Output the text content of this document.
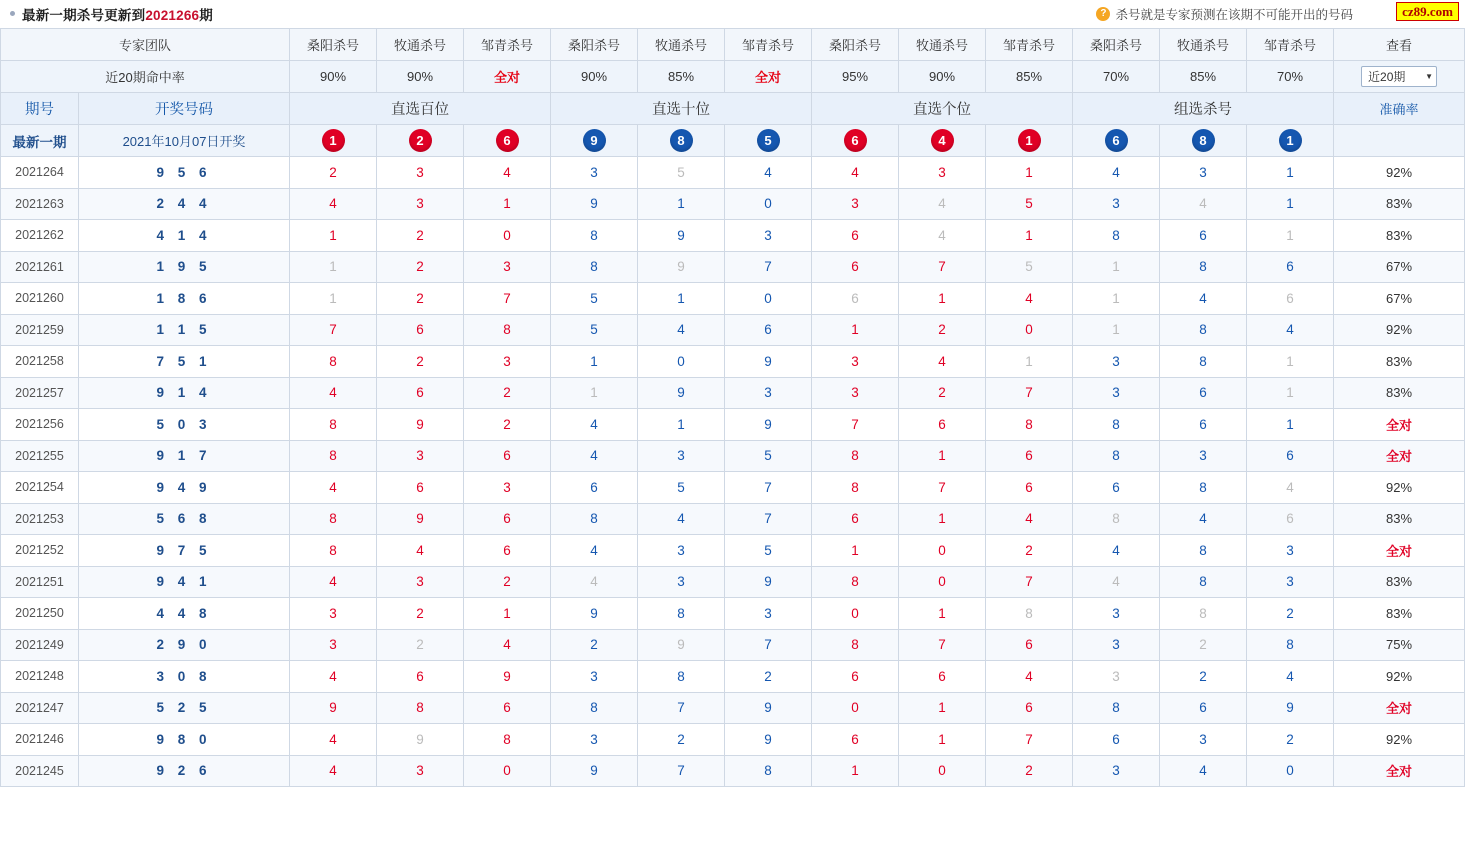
最新一期杀号更新到2021266期	? 杀号就是专家预测在该期不可能开出的号码	cz89.com
专家团队		桑阳杀号	牧通杀号	邹青杀号	桑阳杀号	牧通杀号	邹青杀号	桑阳杀号	牧通杀号	邹青杀号	桑阳杀号	牧通杀号	邹青杀号	查看
近20期命中率		90%	90%	全对	90%	85%	全对	95%	90%	85%	70%	85%	70%	近20期 ▼

期号	开奖号码	直选百位			直选十位			直选个位			组选杀号			准确率
最新一期	2021年10月07日开奖	1	2	6	9	8	5	6	4	1	6	8	1	
2021264	9 5 6	2	3	4	3	5	4	4	3	1	4	3	1	92%
2021263	2 4 4	4	3	1	9	1	0	3	4	5	3	4	1	83%
2021262	4 1 4	1	2	0	8	9	3	6	4	1	8	6	1	83%
2021261	1 9 5	1	2	3	8	9	7	6	7	5	1	8	6	67%
2021260	1 8 6	1	2	7	5	1	0	6	1	4	1	4	6	67%
2021259	1 1 5	7	6	8	5	4	6	1	2	0	1	8	4	92%
2021258	7 5 1	8	2	3	1	0	9	3	4	1	3	8	1	83%
2021257	9 1 4	4	6	2	1	9	3	3	2	7	3	6	1	83%
2021256	5 0 3	8	9	2	4	1	9	7	6	8	8	6	1	全对
2021255	9 1 7	8	3	6	4	3	5	8	1	6	8	3	6	全对
2021254	9 4 9	4	6	3	6	5	7	8	7	6	6	8	4	92%
2021253	5 6 8	8	9	6	8	4	7	6	1	4	8	4	6	83%
2021252	9 7 5	8	4	6	4	3	5	1	0	2	4	8	3	全对
2021251	9 4 1	4	3	2	4	3	9	8	0	7	4	8	3	83%
2021250	4 4 8	3	2	1	9	8	3	0	1	8	3	8	2	83%
2021249	2 9 0	3	2	4	2	9	7	8	7	6	3	2	8	75%
2021248	3 0 8	4	6	9	3	8	2	6	6	4	3	2	4	92%
2021247	5 2 5	9	8	6	8	7	9	0	1	6	8	6	9	全对
2021246	9 8 0	4	9	8	3	2	9	6	1	7	6	3	2	92%
2021245	9 2 6	4	3	0	9	7	8	1	0	2	3	4	0	全对
